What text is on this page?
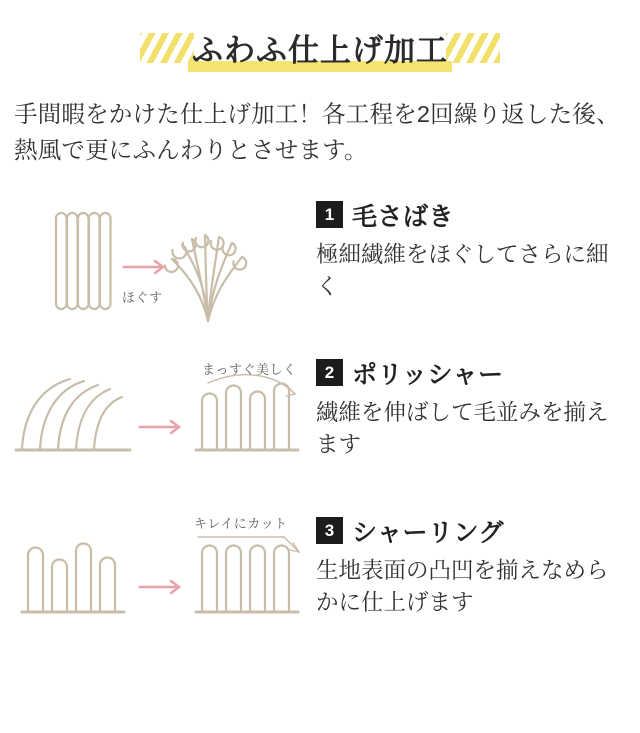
ふわふ仕上げ加工

手間暇をかけた仕上げ加工！各工程を2回繰り返した後、熱風で更にふんわりとさせます。

ほぐす
1 毛さばき
極細繊維をほぐしてさらに細く
まっすぐ美しく	2 ポリッシャー
繊維を伸ばして毛並みを揃えます
キレイにカット	3 シャーリング
生地表面の凸凹を揃えなめらかに仕上げます
